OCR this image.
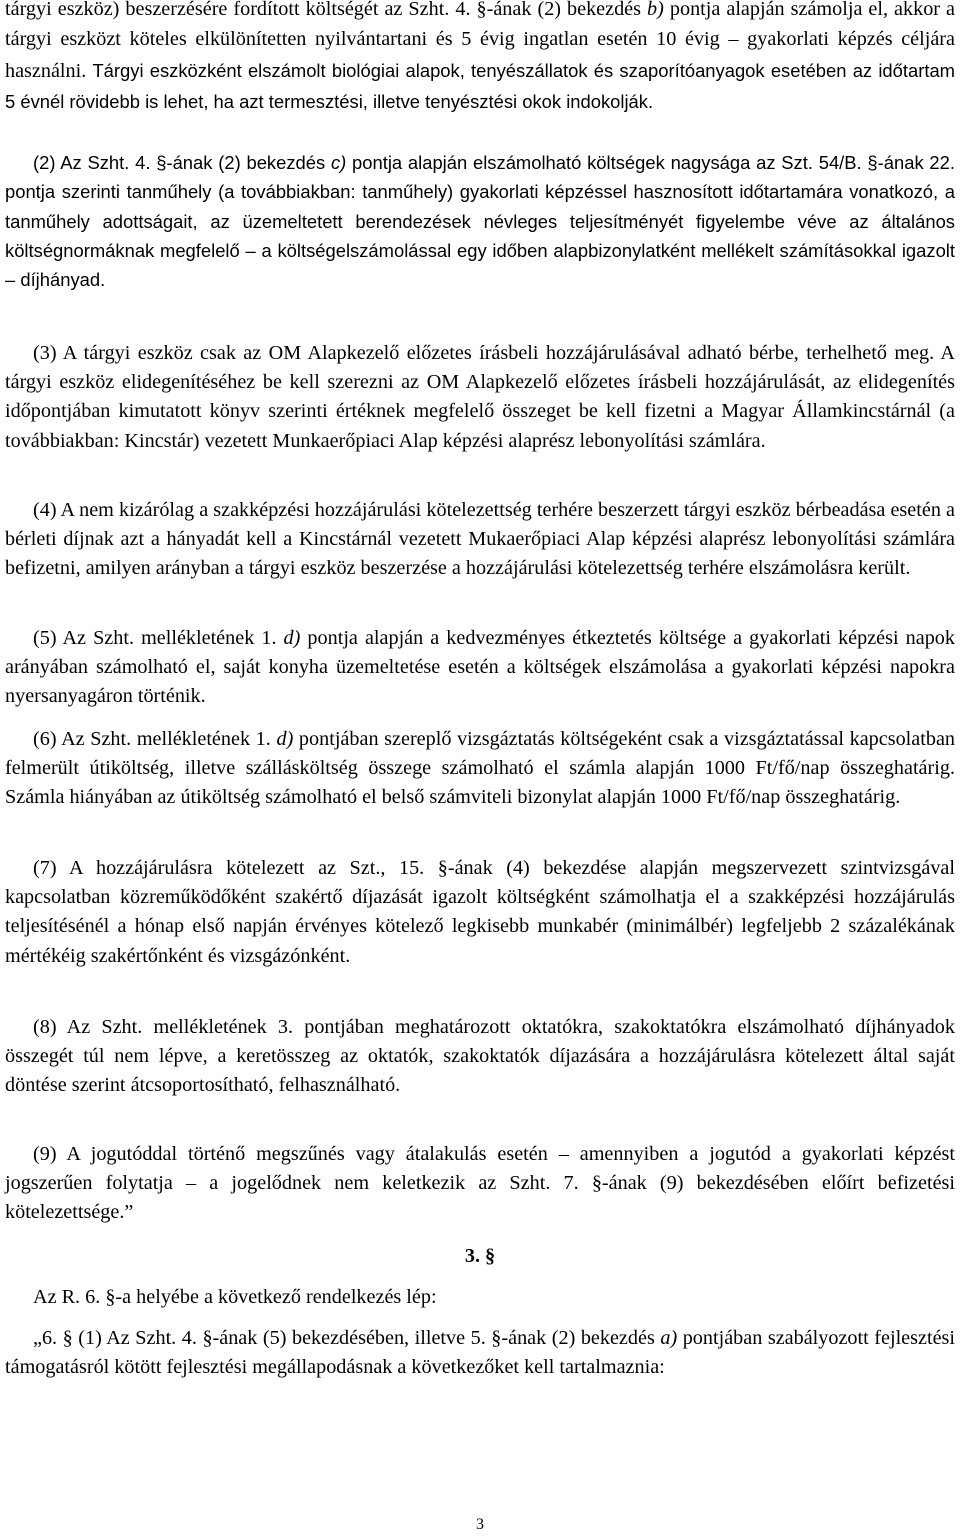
tárgyi eszköz) beszerzésére fordított költségét az Szht. 4. §-ának (2) bekezdés b) pontja alapján számolja el, akkor a tárgyi eszközt köteles elkülönítetten nyilvántartani és 5 évig ingatlan esetén 10 évig – gyakorlati képzés céljára használni. Tárgyi eszközként elszámolt biológiai alapok, tenyészállatok és szaporítóanyagok esetében az időtartam 5 évnél rövidebb is lehet, ha azt termesztési, illetve tenyésztési okok indokolják.

(2) Az Szht. 4. §-ának (2) bekezdés c) pontja alapján elszámolható költségek nagysága az Szt. 54/B. §-ának 22. pontja szerinti tanműhely (a továbbiakban: tanműhely) gyakorlati képzéssel hasznosított időtartamára vonatkozó, a tanműhely adottságait, az üzemeltetett berendezések névleges teljesítményét figyelembe véve az általános költségnormáknak megfelelő – a költségelszámolással egy időben alapbizonylatként mellékelt számításokkal igazolt – díjhányad.

(3) A tárgyi eszköz csak az OM Alapkezelő előzetes írásbeli hozzájárulásával adható bérbe, terhelhető meg. A tárgyi eszköz elidegenítéséhez be kell szerezni az OM Alapkezelő előzetes írásbeli hozzájárulását, az elidegenítés időpontjában kimutatott könyv szerinti értéknek megfelelő összeget be kell fizetni a Magyar Államkincstárnál (a továbbiakban: Kincstár) vezetett Munkaerőpiaci Alap képzési alaprész lebonyolítási számlára.

(4) A nem kizárólag a szakképzési hozzájárulási kötelezettség terhére beszerzett tárgyi eszköz bérbeadása esetén a bérleti díjnak azt a hányadát kell a Kincstárnál vezetett Mukaerőpiaci Alap képzési alaprész lebonyolítási számlára befizetni, amilyen arányban a tárgyi eszköz beszerzése a hozzájárulási kötelezettség terhére elszámolásra került.

(5) Az Szht. mellékletének 1. d) pontja alapján a kedvezményes étkeztetés költsége a gyakorlati képzési napok arányában számolható el, saját konyha üzemeltetése esetén a költségek elszámolása a gyakorlati képzési napokra nyersanyagáron történik.

(6) Az Szht. mellékletének 1. d) pontjában szereplő vizsgáztatás költségeként csak a vizsgáztatással kapcsolatban felmerült útiköltség, illetve szállásköltség összege számolható el számla alapján 1000 Ft/fő/nap összeghatárig. Számla hiányában az útiköltség számolható el belső számviteli bizonylat alapján 1000 Ft/fő/nap összeghatárig.

(7) A hozzájárulásra kötelezett az Szt., 15. §-ának (4) bekezdése alapján megszervezett szintvizsgával kapcsolatban közreműködőként szakértő díjazását igazolt költségként számolhatja el a szakképzési hozzájárulás teljesítésénél a hónap első napján érvényes kötelező legkisebb munkabér (minimálbér) legfeljebb 2 százalékának mértékéig szakértőnként és vizsgázónként.

(8) Az Szht. mellékletének 3. pontjában meghatározott oktatókra, szakoktatókra elszámolható díjhányadok összegét túl nem lépve, a keretösszeg az oktatók, szakoktatók díjazására a hozzájárulásra kötelezett által saját döntése szerint átcsoportosítható, felhasználható.

(9) A jogutóddal történő megszűnés vagy átalakulás esetén – amennyiben a jogutód a gyakorlati képzést jogszerűen folytatja – a jogelődnek nem keletkezik az Szht. 7. §-ának (9) bekezdésében előírt befizetési kötelezettsége.”

3. §

Az R. 6. §-a helyébe a következő rendelkezés lép:

„6. § (1) Az Szht. 4. §-ának (5) bekezdésében, illetve 5. §-ának (2) bekezdés a) pontjában szabályozott fejlesztési támogatásról kötött fejlesztési megállapodásnak a következőket kell tartalmaznia:

3
